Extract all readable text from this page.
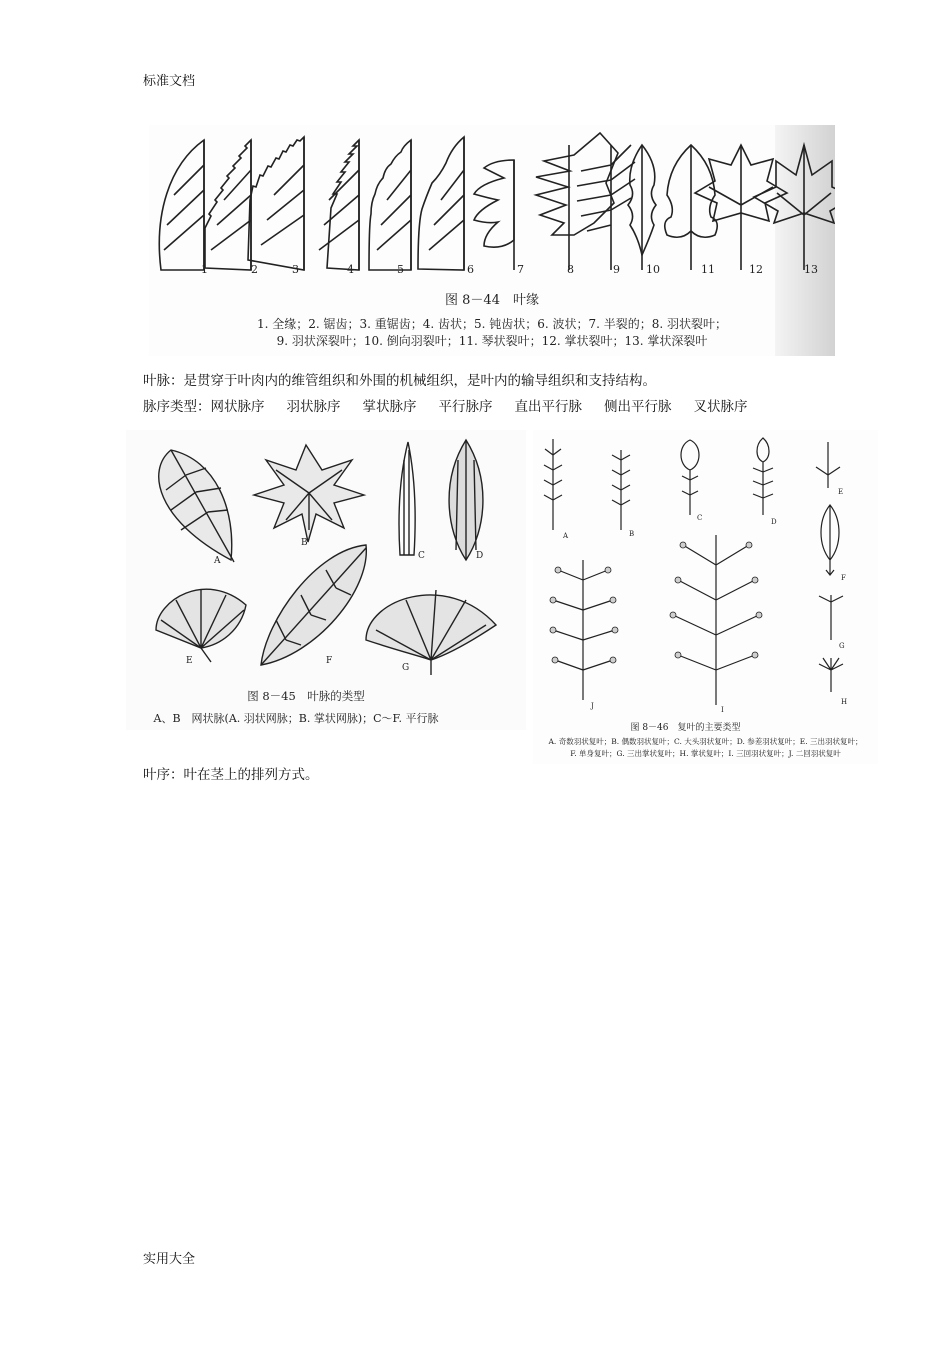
标准文档
1	2	3	4	5	6	7	8	9 10	11	12	13
图 8－44　叶缘
1. 全缘；2. 锯齿；3. 重锯齿；4. 齿状；5. 钝齿状；6. 波状；7. 半裂的；8. 羽状裂叶；
9. 羽状深裂叶；10. 倒向羽裂叶；11. 琴状裂叶；12. 掌状裂叶；13. 掌状深裂叶
叶脉：是贯穿于叶肉内的维管组织和外围的机械组织，是叶内的输导组织和支持结构。
脉序类型：网状脉序 羽状脉序 掌状脉序 平行脉序 直出平行脉 侧出平行脉 叉状脉序
A
B
C	D
E	F
G
图 8－45　叶脉的类型
A、B　网状脉(A. 羽状网脉；B. 掌状网脉)；C～F. 平行脉
A	B
C	D
E
F
G
H
I
J
图 8－46　复叶的主要类型
A. 奇数羽状复叶；B. 偶数羽状复叶；C. 大头羽状复叶；D. 参差羽状复叶；E. 三出羽状复叶；
F. 单身复叶；G. 三出掌状复叶；H. 掌状复叶；I. 三回羽状复叶；J. 二回羽状复叶
叶序：叶在茎上的排列方式。
实用大全
